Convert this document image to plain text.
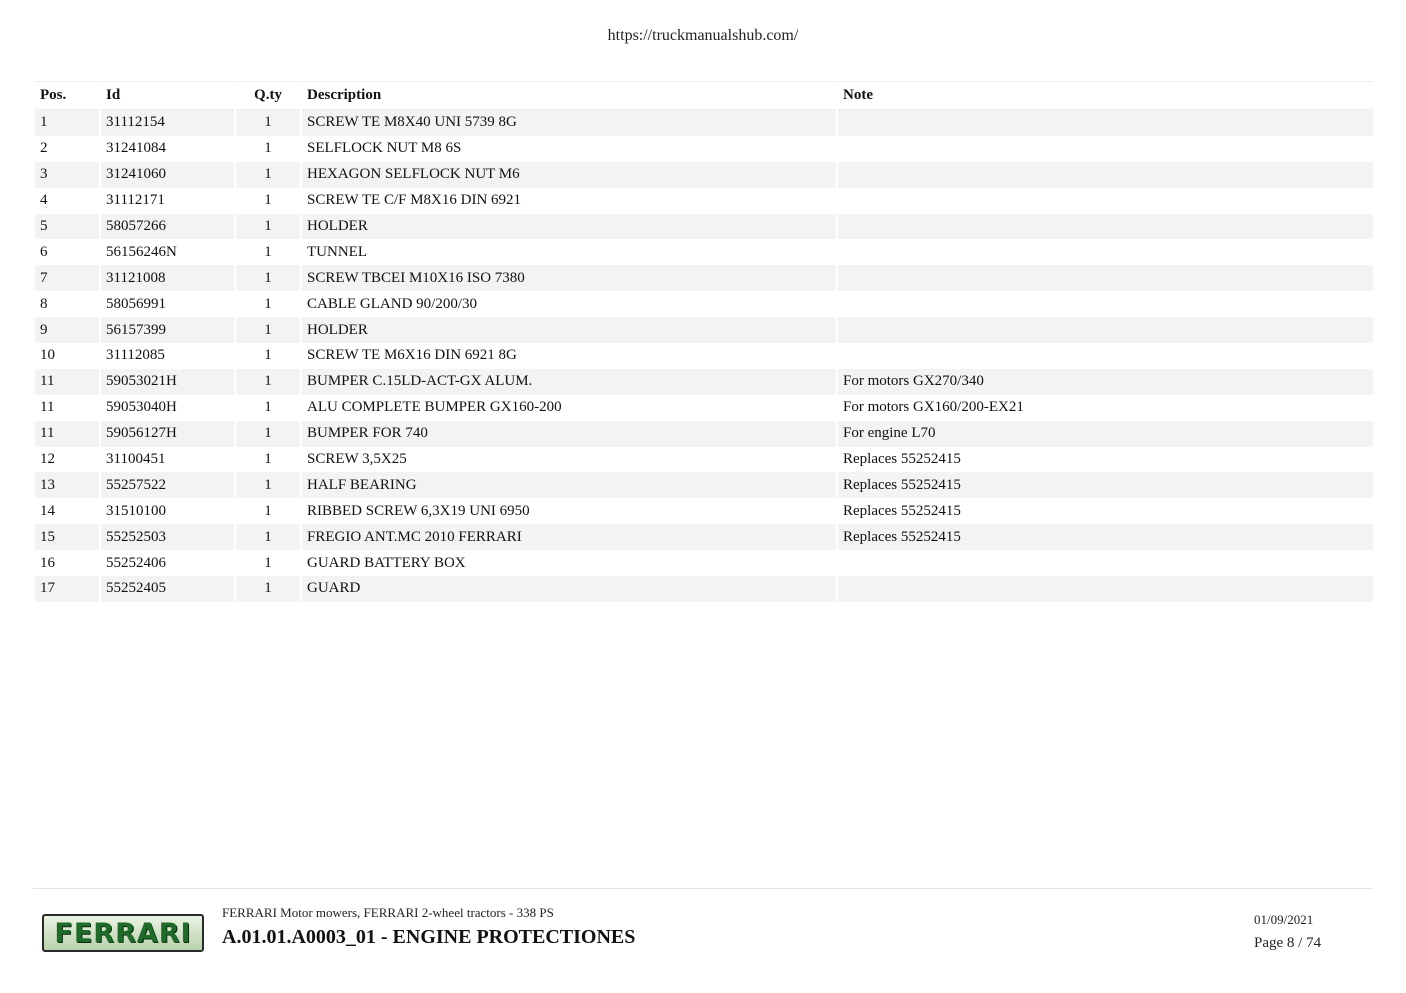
https://truckmanualshub.com/
Pos.	Id	Q.ty	Description	Note
1	31112154	1	SCREW TE M8X40 UNI 5739 8G	
2	31241084	1	SELFLOCK NUT M8 6S	
3	31241060	1	HEXAGON SELFLOCK NUT M6	
4	31112171	1	SCREW TE C/F M8X16 DIN 6921	
5	58057266	1	HOLDER	
6	56156246N	1	TUNNEL	
7	31121008	1	SCREW TBCEI M10X16 ISO 7380	
8	58056991	1	CABLE GLAND 90/200/30	
9	56157399	1	HOLDER	
10	31112085	1	SCREW TE M6X16 DIN 6921 8G	
11	59053021H	1	BUMPER C.15LD-ACT-GX ALUM.	For motors GX270/340
11	59053040H	1	ALU COMPLETE BUMPER GX160-200	For motors GX160/200-EX21
11	59056127H	1	BUMPER FOR 740	For engine L70
12	31100451	1	SCREW 3,5X25	Replaces 55252415
13	55257522	1	HALF BEARING	Replaces 55252415
14	31510100	1	RIBBED SCREW 6,3X19 UNI 6950	Replaces 55252415
15	55252503	1	FREGIO ANT.MC 2010 FERRARI	Replaces 55252415
16	55252406	1	GUARD BATTERY BOX	
17	55252405	1	GUARD	
FERRARI
FERRARI Motor mowers, FERRARI 2-wheel tractors - 338 PS
A.01.01.A0003_01 - ENGINE PROTECTIONES
01/09/2021
Page 8 / 74
